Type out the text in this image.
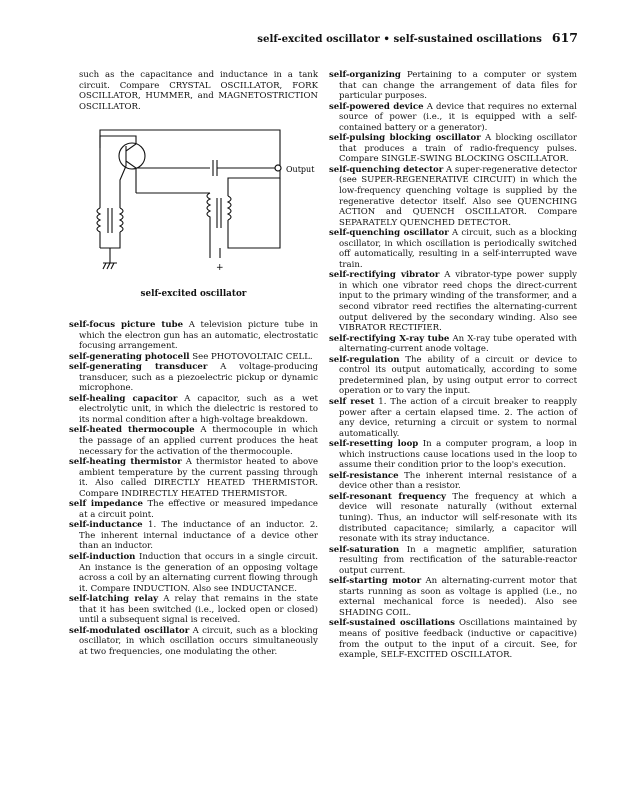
self-excited oscillator • self-sustained oscillations 617

such as the capacitance and inductance in a tank circuit. Compare CRYSTAL OSCILLATOR, FORK OSCILLATOR, HUMMER, and MAGNETOSTRICTION OSCILLATOR.

Output
+
self-excited oscillator

self-focus picture tube A television picture tube in which the electron gun has an automatic, electrostatic focusing arrangement.

self-generating photocell See PHOTOVOLTAIC CELL.

self-generating transducer A voltage-producing transducer, such as a piezoelectric pickup or dynamic microphone.

self-healing capacitor A capacitor, such as a wet electrolytic unit, in which the dielectric is restored to its normal condition after a high-voltage breakdown.

self-heated thermocouple A thermocouple in which the passage of an applied current produces the heat necessary for the activation of the thermocouple.

self-heating thermistor A thermistor heated to above ambient temperature by the current passing through it. Also called DIRECTLY HEATED THERMISTOR. Compare INDIRECTLY HEATED THERMISTOR.

self impedance The effective or measured impedance at a circuit point.

self-inductance 1. The inductance of an inductor. 2. The inherent internal inductance of a device other than an inductor.

self-induction Induction that occurs in a single circuit. An instance is the generation of an opposing voltage across a coil by an alternating current flowing through it. Compare INDUCTION. Also see INDUCTANCE.

self-latching relay A relay that remains in the state that it has been switched (i.e., locked open or closed) until a subsequent signal is received.

self-modulated oscillator A circuit, such as a blocking oscillator, in which oscillation occurs simultaneously at two frequencies, one modulating the other.

self-organizing Pertaining to a computer or system that can change the arrangement of data files for particular purposes.

self-powered device A device that requires no external source of power (i.e., it is equipped with a self-contained battery or a generator).

self-pulsing blocking oscillator A blocking oscillator that produces a train of radio-frequency pulses. Compare SINGLE-SWING BLOCKING OSCILLATOR.

self-quenching detector A super-regenerative detector (see SUPER-REGENERATIVE CIRCUIT) in which the low-frequency quenching voltage is supplied by the regenerative detector itself. Also see QUENCHING ACTION and QUENCH OSCILLATOR. Compare SEPARATELY QUENCHED DETECTOR.

self-quenching oscillator A circuit, such as a blocking oscillator, in which oscillation is periodically switched off automatically, resulting in a self-interrupted wave train.

self-rectifying vibrator A vibrator-type power supply in which one vibrator reed chops the direct-current input to the primary winding of the transformer, and a second vibrator reed rectifies the alternating-current output delivered by the secondary winding. Also see VIBRATOR RECTIFIER.

self-rectifying X-ray tube An X-ray tube operated with alternating-current anode voltage.

self-regulation The ability of a circuit or device to control its output automatically, according to some predetermined plan, by using output error to correct operation or to vary the input.

self reset 1. The action of a circuit breaker to reapply power after a certain elapsed time. 2. The action of any device, returning a circuit or system to normal automatically.

self-resetting loop In a computer program, a loop in which instructions cause locations used in the loop to assume their condition prior to the loop's execution.

self-resistance The inherent internal resistance of a device other than a resistor.

self-resonant frequency The frequency at which a device will resonate naturally (without external tuning). Thus, an inductor will self-resonate with its distributed capacitance; similarly, a capacitor will resonate with its stray inductance.

self-saturation In a magnetic amplifier, saturation resulting from rectification of the saturable-reactor output current.

self-starting motor An alternating-current motor that starts running as soon as voltage is applied (i.e., no external mechanical force is needed). Also see SHADING COIL.

self-sustained oscillations Oscillations maintained by means of positive feedback (inductive or capacitive) from the output to the input of a circuit. See, for example, SELF-EXCITED OSCILLATOR.
